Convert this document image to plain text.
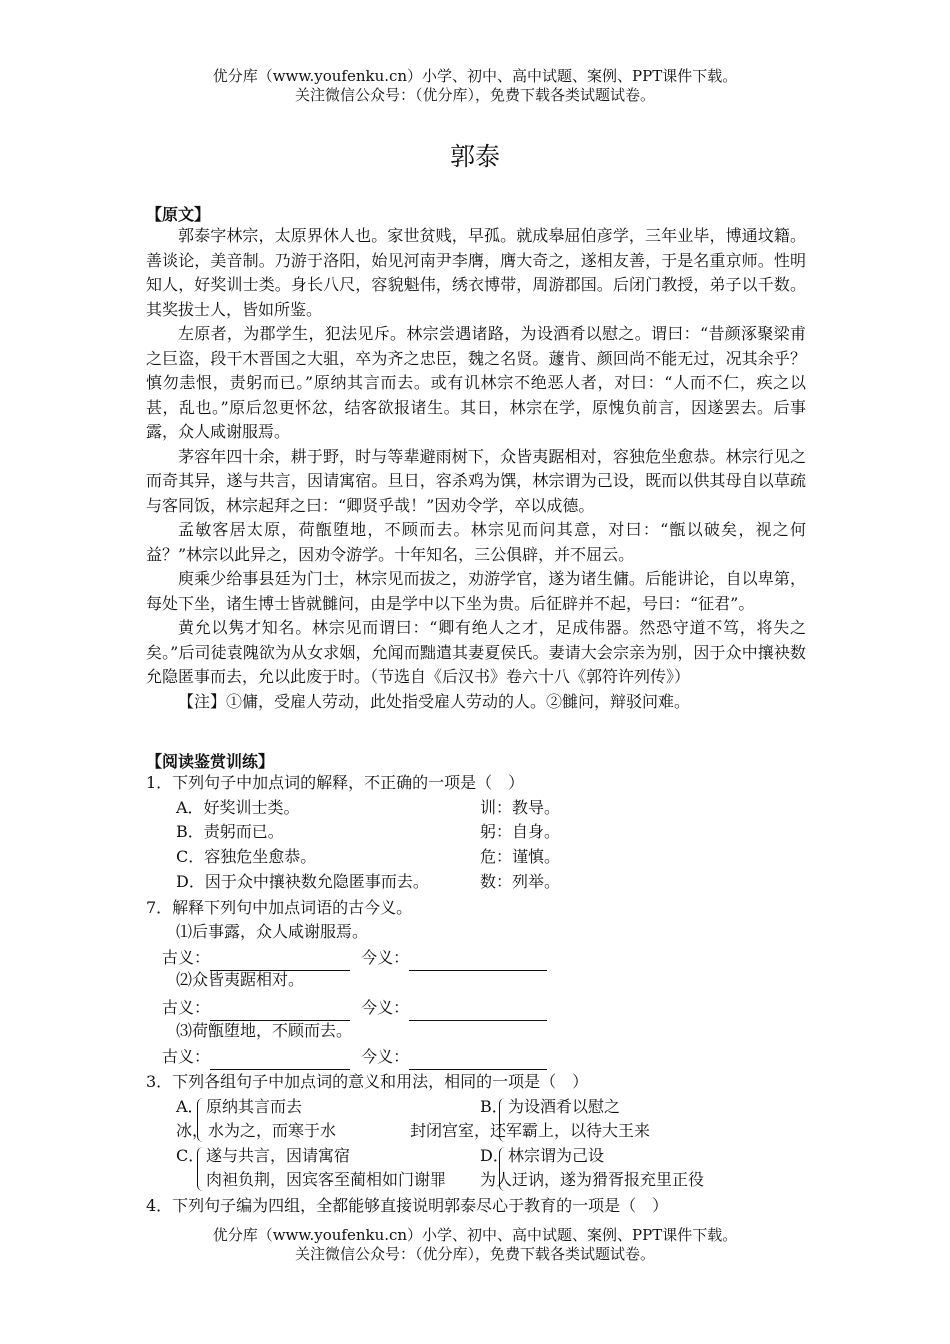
优分库（www.youfenku.cn）小学、初中、高中试题、案例、PPT课件下载。
关注微信公众号：（优分库），免费下载各类试题试卷。
郭泰
【原文】

郭泰字林宗，太原界休人也。家世贫贱，早孤。就成皋屈伯彦学，三年业毕，博通坟籍。善谈论，美音制。乃游于洛阳，始见河南尹李膺，膺大奇之，遂相友善，于是名重京师。性明知人，好奖训士类。身长八尺，容貌魁伟，绣衣博带，周游郡国。后闭门教授，弟子以千数。其奖拔士人，皆如所鉴。

左原者，为郡学生，犯法见斥。林宗尝遇诸路，为设酒肴以慰之。谓曰：“昔颜涿聚梁甫之巨盗，段干木晋国之大驵，卒为齐之忠臣，魏之名贤。蘧肯、颜回尚不能无过，况其余乎？慎勿恚恨，责躬而已。”原纳其言而去。或有讥林宗不绝恶人者，对曰：“人而不仁，疾之以甚，乱也。”原后忽更怀忿，结客欲报诸生。其日，林宗在学，原愧负前言，因遂罢去。后事露，众人咸谢服焉。

茅容年四十余，耕于野，时与等辈避雨树下，众皆夷踞相对，容独危坐愈恭。林宗行见之而奇其异，遂与共言，因请寓宿。旦日，容杀鸡为馔，林宗谓为己设，既而以供其母自以草疏与客同饭，林宗起拜之曰：“卿贤乎哉！”因劝令学，卒以成德。

孟敏客居太原，荷甑堕地，不顾而去。林宗见而问其意，对曰：“甑以破矣，视之何益？”林宗以此异之，因劝令游学。十年知名，三公俱辟，并不屈云。

庾乘少给事县廷为门士，林宗见而拔之，劝游学官，遂为诸生傭。后能讲论，自以卑第，每处下坐，诸生博士皆就雠问，由是学中以下坐为贵。后征辟并不起，号曰：“征君”。

黄允以隽才知名。林宗见而谓曰：“卿有绝人之才，足成伟器。然恐守道不笃，将失之矣。”后司徒袁隗欲为从女求姻，允闻而黜遣其妻夏侯氏。妻请大会宗亲为别，因于众中攘袂数允隐匿事而去，允以此废于时。（节选自《后汉书》卷六十八《郭符许列传》）

【注】①傭，受雇人劳动，此处指受雇人劳动的人。②雠问，辩驳问难。

【阅读鉴赏训练】
1．下列句子中加点词的解释，不正确的一项是（　）
A．好奖训士类。	训：教导。
B．责躬而已。	躬：自身。
C．容独危坐愈恭。	危：谨慎。
D．因于众中攘袂数允隐匿事而去。	数：列举。
7．解释下列句中加点词语的古今义。
⑴后事露，众人咸谢服焉。
古义：	今义：
⑵众皆夷踞相对。
古义：	今义：
⑶荷甑堕地，不顾而去。
古义：	今义：
3．下列各组句子中加点词的意义和用法，相同的一项是（　）
A． 原纳其言而去
冰，水为之，而寒于水
B． 为设酒肴以慰之
封闭宫室，还军霸上，以待大王来
C． 遂与共言，因请寓宿
肉袒负荆，因宾客至蔺相如门谢罪
D． 林宗谓为己设
为人迂讷，遂为猾胥报充里正役
4．下列句子编为四组，全都能够直接说明郭泰尽心于教育的一项是（　）
优分库（www.youfenku.cn）小学、初中、高中试题、案例、PPT课件下载。
关注微信公众号：（优分库），免费下载各类试题试卷。
